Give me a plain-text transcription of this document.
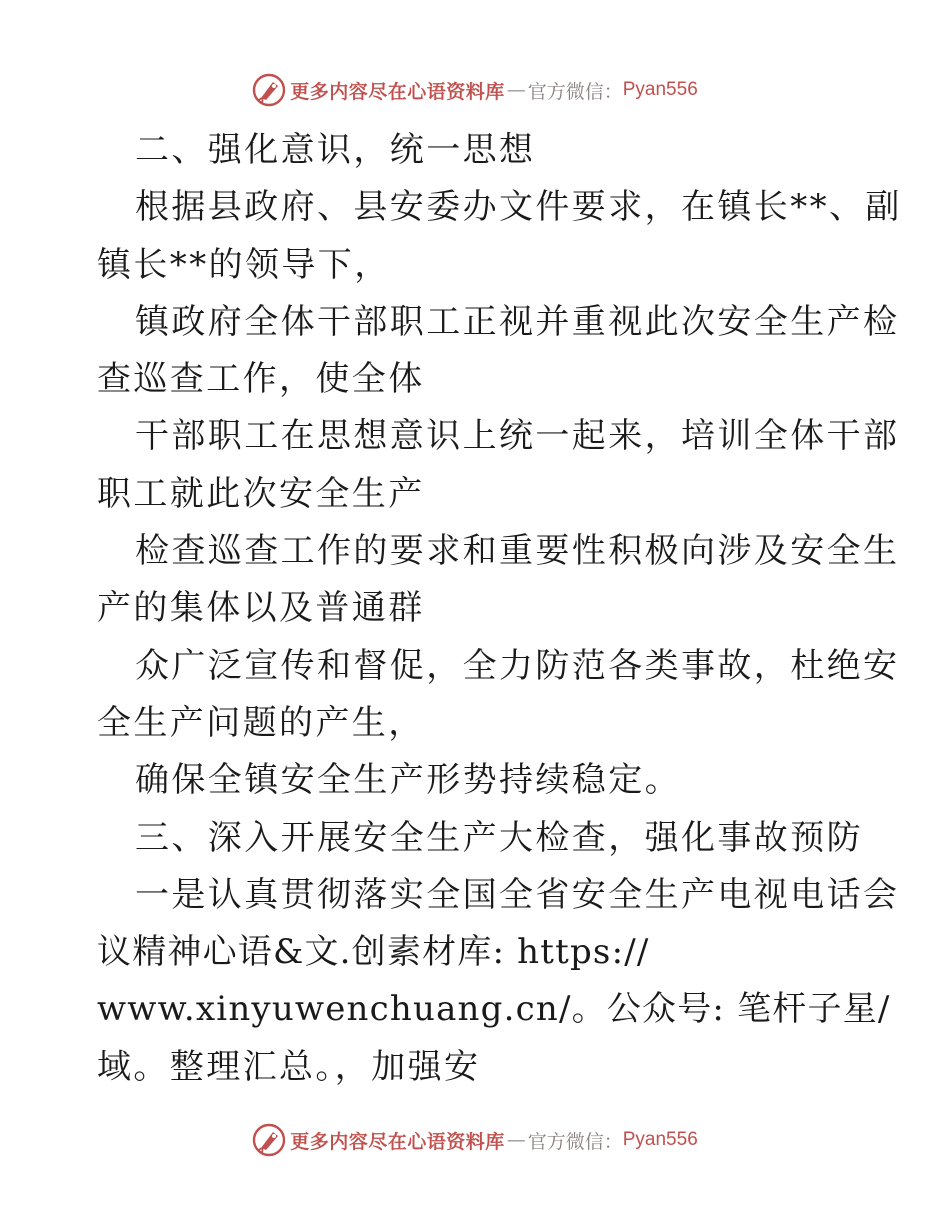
更多内容尽在心语资料库 — 官方微信： Pyan556
二、强化意识，统一思想
根据县政府、县安委办文件要求，在镇长**、副
镇长**的领导下，
镇政府全体干部职工正视并重视此次安全生产检
查巡查工作，使全体
干部职工在思想意识上统一起来，培训全体干部
职工就此次安全生产
检查巡查工作的要求和重要性积极向涉及安全生
产的集体以及普通群
众广泛宣传和督促，全力防范各类事故，杜绝安
全生产问题的产生，
确保全镇安全生产形势持续稳定。
三、深入开展安全生产大检查，强化事故预防
一是认真贯彻落实全国全省安全生产电视电话会
议精神心语&文.创素材库: https://
www.xinyuwenchuang.cn/。公众号: 笔杆子星/
域。整理汇总。，加强安
更多内容尽在心语资料库 — 官方微信： Pyan556
